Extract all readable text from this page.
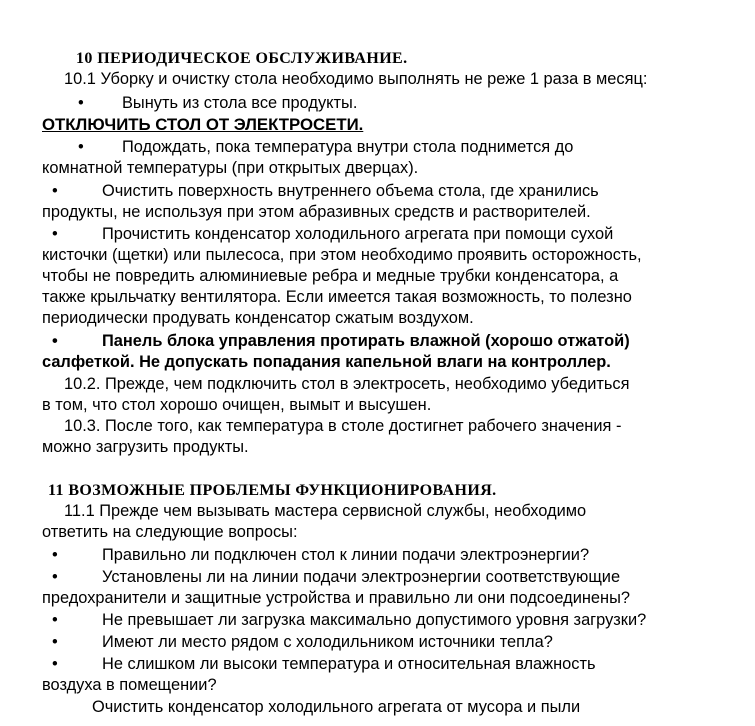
10 ПЕРИОДИЧЕСКОЕ ОБСЛУЖИВАНИЕ.
10.1 Уборку и очистку стола необходимо выполнять не реже 1 раза в месяц:
• Вынуть из стола все продукты.
ОТКЛЮЧИТЬ СТОЛ ОТ ЭЛЕКТРОСЕТИ.
• Подождать, пока температура внутри стола поднимется до
комнатной температуры (при открытых дверцах).
•	Очистить поверхность внутреннего объема стола, где хранились
продукты, не используя при этом абразивных средств и растворителей.
•	Прочистить конденсатор холодильного агрегата при помощи сухой
кисточки (щетки) или пылесоса, при этом необходимо проявить осторожность,
чтобы не повредить алюминиевые ребра и медные трубки конденсатора, а
также крыльчатку вентилятора. Если имеется такая возможность, то полезно
периодически продувать конденсатор сжатым воздухом.
•	Панель блока управления протирать влажной (хорошо отжатой)
салфеткой. Не допускать попадания капельной влаги на контроллер.
10.2. Прежде, чем подключить стол в электросеть, необходимо убедиться
в том, что стол хорошо очищен, вымыт и высушен.
10.3. После того, как температура в столе достигнет рабочего значения -
можно загрузить продукты.
11 ВОЗМОЖНЫЕ ПРОБЛЕМЫ ФУНКЦИОНИРОВАНИЯ.
11.1 Прежде чем вызывать мастера сервисной службы, необходимо
ответить на следующие вопросы:
•	Правильно ли подключен стол к линии подачи электроэнергии?
•	Установлены ли на линии подачи электроэнергии соответствующие
предохранители и защитные устройства и правильно ли они подсоединены?
•	Не превышает ли загрузка максимально допустимого уровня загрузки?
•	Имеют ли место рядом с холодильником источники тепла?
•	Не слишком ли высоки температура и относительная влажность
воздуха в помещении?
Очистить конденсатор холодильного агрегата от мусора и пыли
